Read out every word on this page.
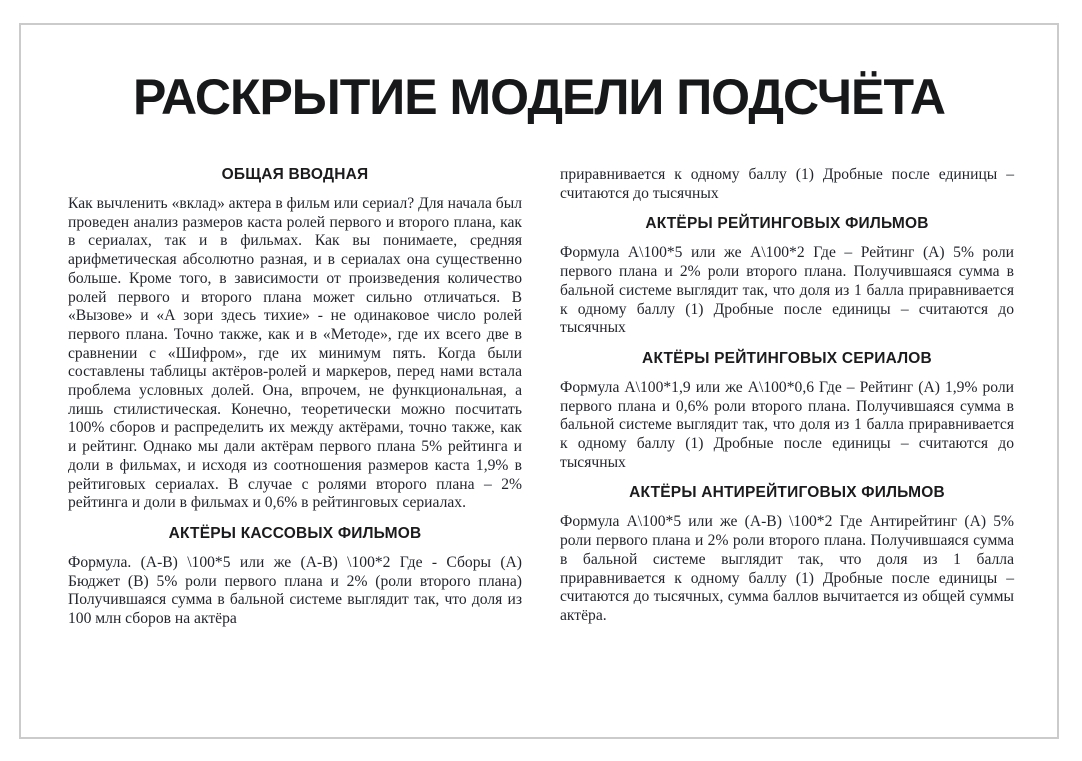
РАСКРЫТИЕ МОДЕЛИ ПОДСЧЁТА
ОБЩАЯ ВВОДНАЯ

Как вычленить «вклад» актера в фильм или сериал? Для начала был проведен анализ размеров каста ролей первого и второго плана, как в сериалах, так и в фильмах. Как вы понимаете, средняя арифметическая абсолютно разная, и в сериалах она существенно больше. Кроме того, в зависимости от произведения количество ролей первого и второго плана может сильно отличаться. В «Вызове» и «А зори здесь тихие» - не одинаковое число ролей первого плана. Точно также, как и в «Методе», где их всего две в сравнении с «Шифром», где их минимум пять. Когда были составлены таблицы актёров-ролей и маркеров, перед нами встала проблема условных долей. Она, впрочем, не функциональная, а лишь стилистическая. Конечно, теоретически можно посчитать 100% сборов и распределить их между актёрами, точно также, как и рейтинг. Однако мы дали актёрам первого плана 5% рейтинга и доли в фильмах, и исходя из соотношения размеров каста 1,9% в рейтиговых сериалах. В случае с ролями второго плана – 2% рейтинга и доли в фильмах и 0,6% в рейтинговых сериалах.

АКТЁРЫ КАССОВЫХ ФИЛЬМОВ

Формула. (А-В) \100*5 или же (А-В) \100*2 Где - Сборы (А) Бюджет (В) 5% роли первого плана и 2% (роли второго плана) Получившаяся сумма в бальной системе выглядит так, что доля из 100 млн сборов на актёра

приравнивается к одному баллу (1) Дробные после единицы – считаются до тысячных

АКТЁРЫ РЕЙТИНГОВЫХ ФИЛЬМОВ

Формула А\100*5 или же А\100*2 Где – Рейтинг (А) 5% роли первого плана и 2% роли второго плана. Получившаяся сумма в бальной системе выглядит так, что доля из 1 балла приравнивается к одному баллу (1) Дробные после единицы – считаются до тысячных

АКТЁРЫ РЕЙТИНГОВЫХ СЕРИАЛОВ

Формула А\100*1,9 или же А\100*0,6 Где – Рейтинг (А) 1,9% роли первого плана и 0,6% роли второго плана. Получившаяся сумма в бальной системе выглядит так, что доля из 1 балла приравнивается к одному баллу (1) Дробные после единицы – считаются до тысячных

АКТЁРЫ АНТИРЕЙТИГОВЫХ ФИЛЬМОВ

Формула А\100*5 или же (А-В) \100*2 Где Антирейтинг (А) 5% роли первого плана и 2% роли второго плана. Получившаяся сумма в бальной системе выглядит так, что доля из 1 балла приравнивается к одному баллу (1) Дробные после единицы – считаются до тысячных, сумма баллов вычитается из общей суммы актёра.
